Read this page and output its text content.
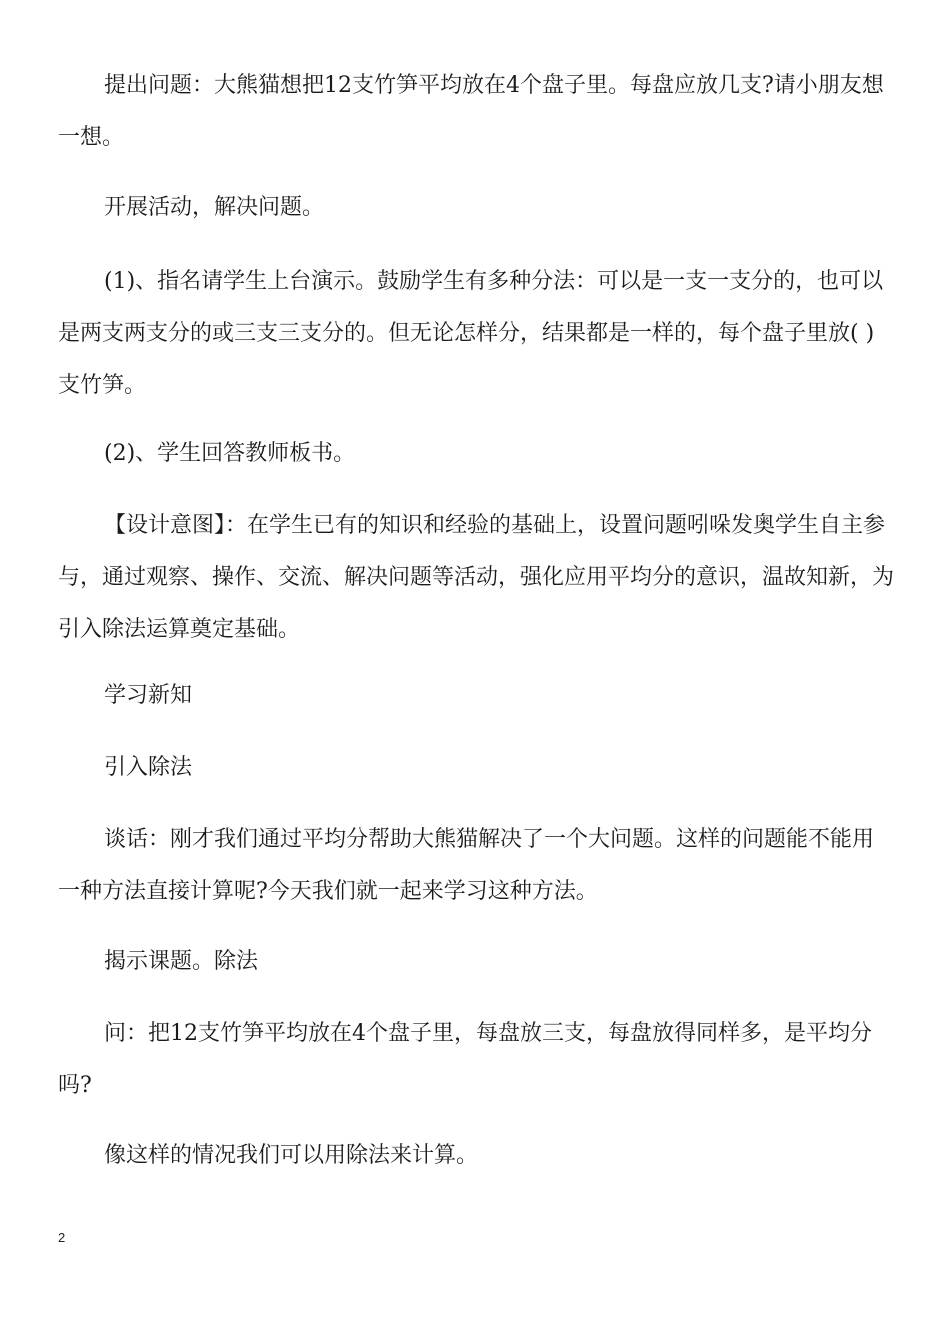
提出问题：大熊猫想把12支竹笋平均放在4个盘子里。每盘应放几支?请小朋友想一想。

开展活动，解决问题。

(1)、指名请学生上台演示。鼓励学生有多种分法：可以是一支一支分的，也可以是两支两支分的或三支三支分的。但无论怎样分，结果都是一样的，每个盘子里放( )支竹笋。

(2)、学生回答教师板书。

【设计意图】：在学生已有的知识和经验的基础上，设置问题吲哚发奥学生自主参与，通过观察、操作、交流、解决问题等活动，强化应用平均分的意识，温故知新，为引入除法运算奠定基础。

学习新知

引入除法

谈话：刚才我们通过平均分帮助大熊猫解决了一个大问题。这样的问题能不能用一种方法直接计算呢?今天我们就一起来学习这种方法。

揭示课题。除法

问：把12支竹笋平均放在4个盘子里，每盘放三支，每盘放得同样多，是平均分吗?

像这样的情况我们可以用除法来计算。

2
